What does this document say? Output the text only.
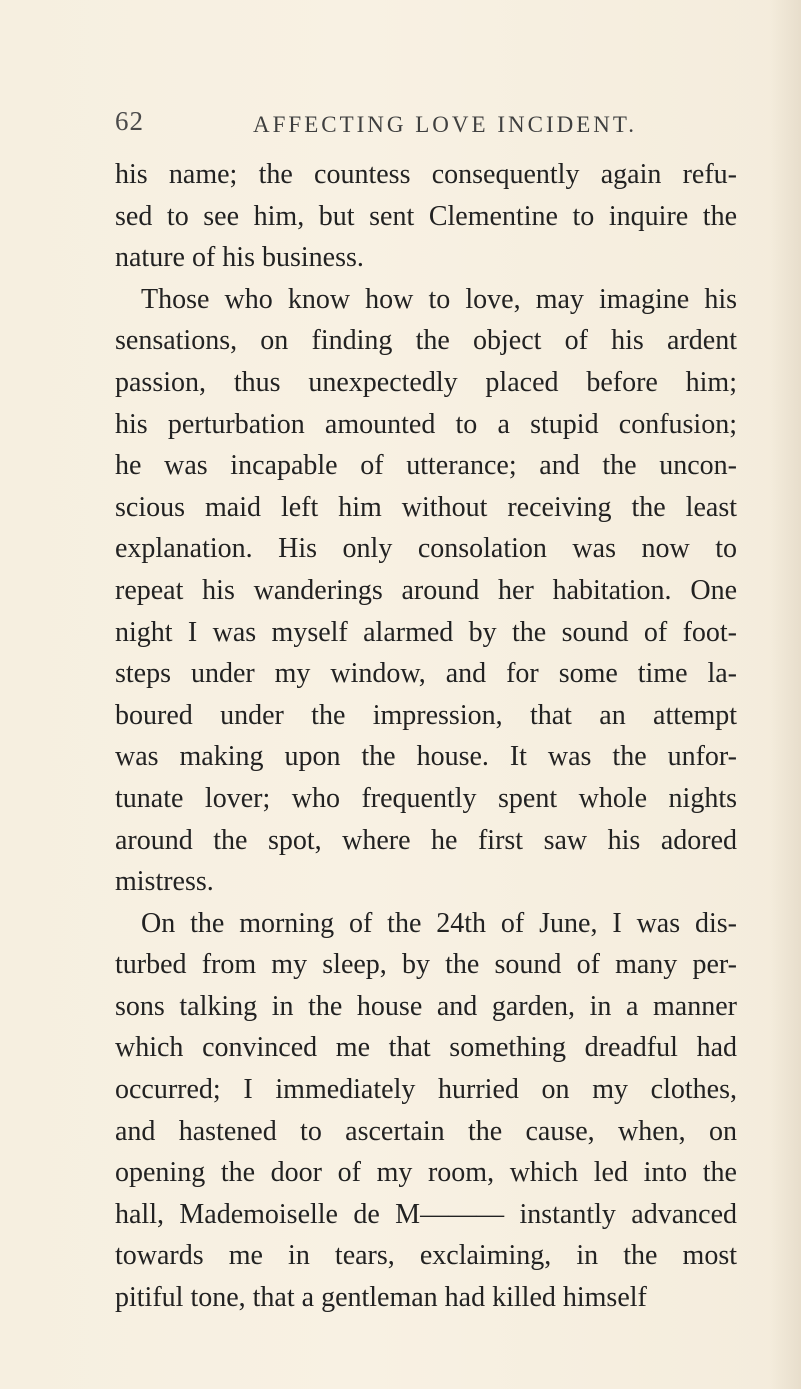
62	AFFECTING LOVE INCIDENT.
his name; the countess consequently again refu-
sed to see him, but sent Clementine to inquire the
nature of his business.
Those who know how to love, may imagine his
sensations, on finding the object of his ardent
passion, thus unexpectedly placed before him;
his perturbation amounted to a stupid confusion;
he was incapable of utterance; and the uncon-
scious maid left him without receiving the least
explanation. His only consolation was now to
repeat his wanderings around her habitation. One
night I was myself alarmed by the sound of foot-
steps under my window, and for some time la-
boured under the impression, that an attempt
was making upon the house. It was the unfor-
tunate lover; who frequently spent whole nights
around the spot, where he first saw his adored
mistress.
On the morning of the 24th of June, I was dis-
turbed from my sleep, by the sound of many per-
sons talking in the house and garden, in a manner
which convinced me that something dreadful had
occurred; I immediately hurried on my clothes,
and hastened to ascertain the cause, when, on
opening the door of my room, which led into the
hall, Mademoiselle de M——— instantly advanced
towards me in tears, exclaiming, in the most
pitiful tone, that a gentleman had killed himself
